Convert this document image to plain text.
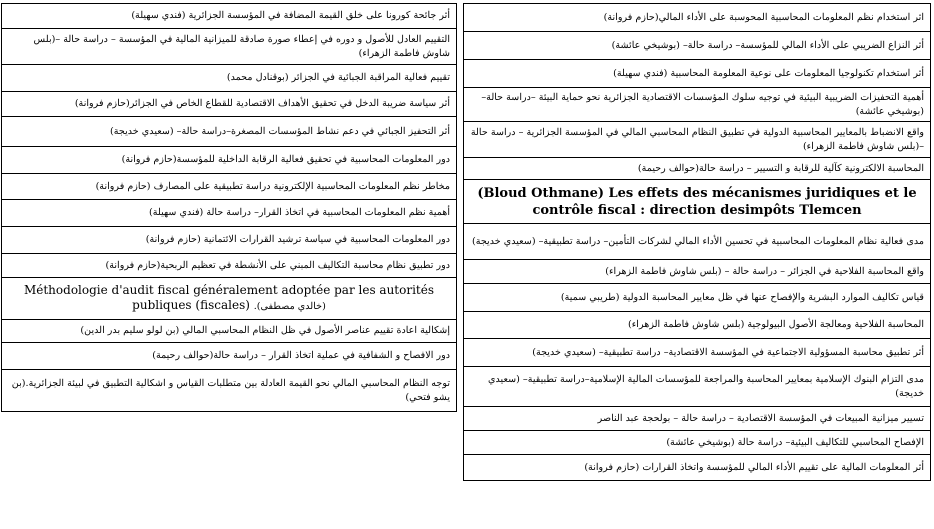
أثر جائحة كورونا على خلق القيمة المضافة في المؤسسة الجزائرية (فندي سهيلة)
التقييم العادل للأصول و دوره في إعطاء صورة صادقة للميزانية المالية في المؤسسة – دراسة حالة –(بلس شاوش فاطمة الزهراء)
تقييم فعالية المراقبة الجبائية في الجزائر (بوقنادل محمد)
أثر سياسة ضريبة الدخل في تحقيق الأهداف الاقتصادية للقطاع الخاص في الجزائر(حازم فروانة)
أثر التحفيز الجبائي في دعم نشاط المؤسسات المصغرة–دراسة حالة– (سعيدي خديجة)
دور المعلومات المحاسبية في تحقيق فعالية الرقابة الداخلية للمؤسسة(حازم فروانة)
مخاطر نظم المعلومات المحاسبية الإلكترونية دراسة تطبيقية على المصارف (حازم فروانة)
أهمية نظم المعلومات المحاسبية في اتخاذ القرار– دراسة حالة (فندي سهيلة)
دور المعلومات المحاسبية في سياسة ترشيد القرارات الائتمانية (حازم فروانة)
دور تطبيق نظام محاسبة التكاليف المبني على الأنشطة في تعظيم الربحية(حازم فروانة)
Méthodologie d'audit fiscal généralement adoptée par les autorités publiques (fiscales) (خالدي مصطفى).
إشكالية اعادة تقييم عناصر الأصول في ظل النظام المحاسبي المالي (بن لولو سليم بدر الدين)
دور الافصاح و الشفافية في عملية اتخاذ القرار – دراسة حالة(حوالف رحيمة)
توجه النظام المحاسبي المالي نحو القيمة العادلة بين متطلبات القياس و اشكالية التطبيق في لبيئة الجزائرية.(بن يشو فتحي)
اثر استخدام نظم المعلومات المحاسبية المحوسبة على الأداء المالي(حازم فروانة)
أثر النزاع الضريبي على الأداء المالي للمؤسسة– دراسة حالة– (بوشيخي عائشة)
أثر استخدام تكنولوجيا المعلومات على نوعية المعلومة المحاسبية (فندي سهيلة)
أهمية التحفيزات الضريبية البيئية في توجيه سلوك المؤسسات الاقتصادية الجزائرية نحو حماية البيئة –دراسة حالة– (بوشيخي عائشة)
واقع الانضباط بالمعايير المحاسبية الدولية في تطبيق النظام المحاسبي المالي في المؤسسة الجزائرية – دراسة حالة –(بلس شاوش فاطمة الزهراء)
المحاسبة الالكترونية كآلية للرقابة و التسيير – دراسة حالة(حوالف رحيمة)
(Bloud Othmane) Les effets des mécanismes juridiques et le contrôle fiscal : direction desimpôts Tlemcen
مدى فعالية نظام المعلومات المحاسبية في تحسين الأداء المالي لشركات التأمين– دراسة تطبيقية– (سعيدي خديجة)
واقع المحاسبة الفلاحية في الجزائر – دراسة حالة – (بلس شاوش فاطمة الزهراء)
قياس تكاليف الموارد البشرية والإفصاح عنها في ظل معايير المحاسبة الدولية (طريبي سمية)
المحاسبة الفلاحية ومعالجة الأصول البيولوجية (بلس شاوش فاطمة الزهراء)
أثر تطبيق محاسبة المسؤولية الاجتماعية في المؤسسة الاقتصادية– دراسة تطبيقية– (سعيدي خديجة)
مدى التزام البنوك الإسلامية بمعايير المحاسبة والمراجعة للمؤسسات المالية الإسلامية–دراسة تطبيقية– (سعيدي خديجة)
تسيير ميزانية المبيعات في المؤسسة الاقتصادية – دراسة حالة – بولحجة عبد الناصر
الإفصاح المحاسبي للتكاليف البيئية– دراسة حالة (بوشيخي عائشة)
أثر المعلومات المالية على تقييم الأداء المالي للمؤسسة واتخاذ القرارات (حازم فروانة)
